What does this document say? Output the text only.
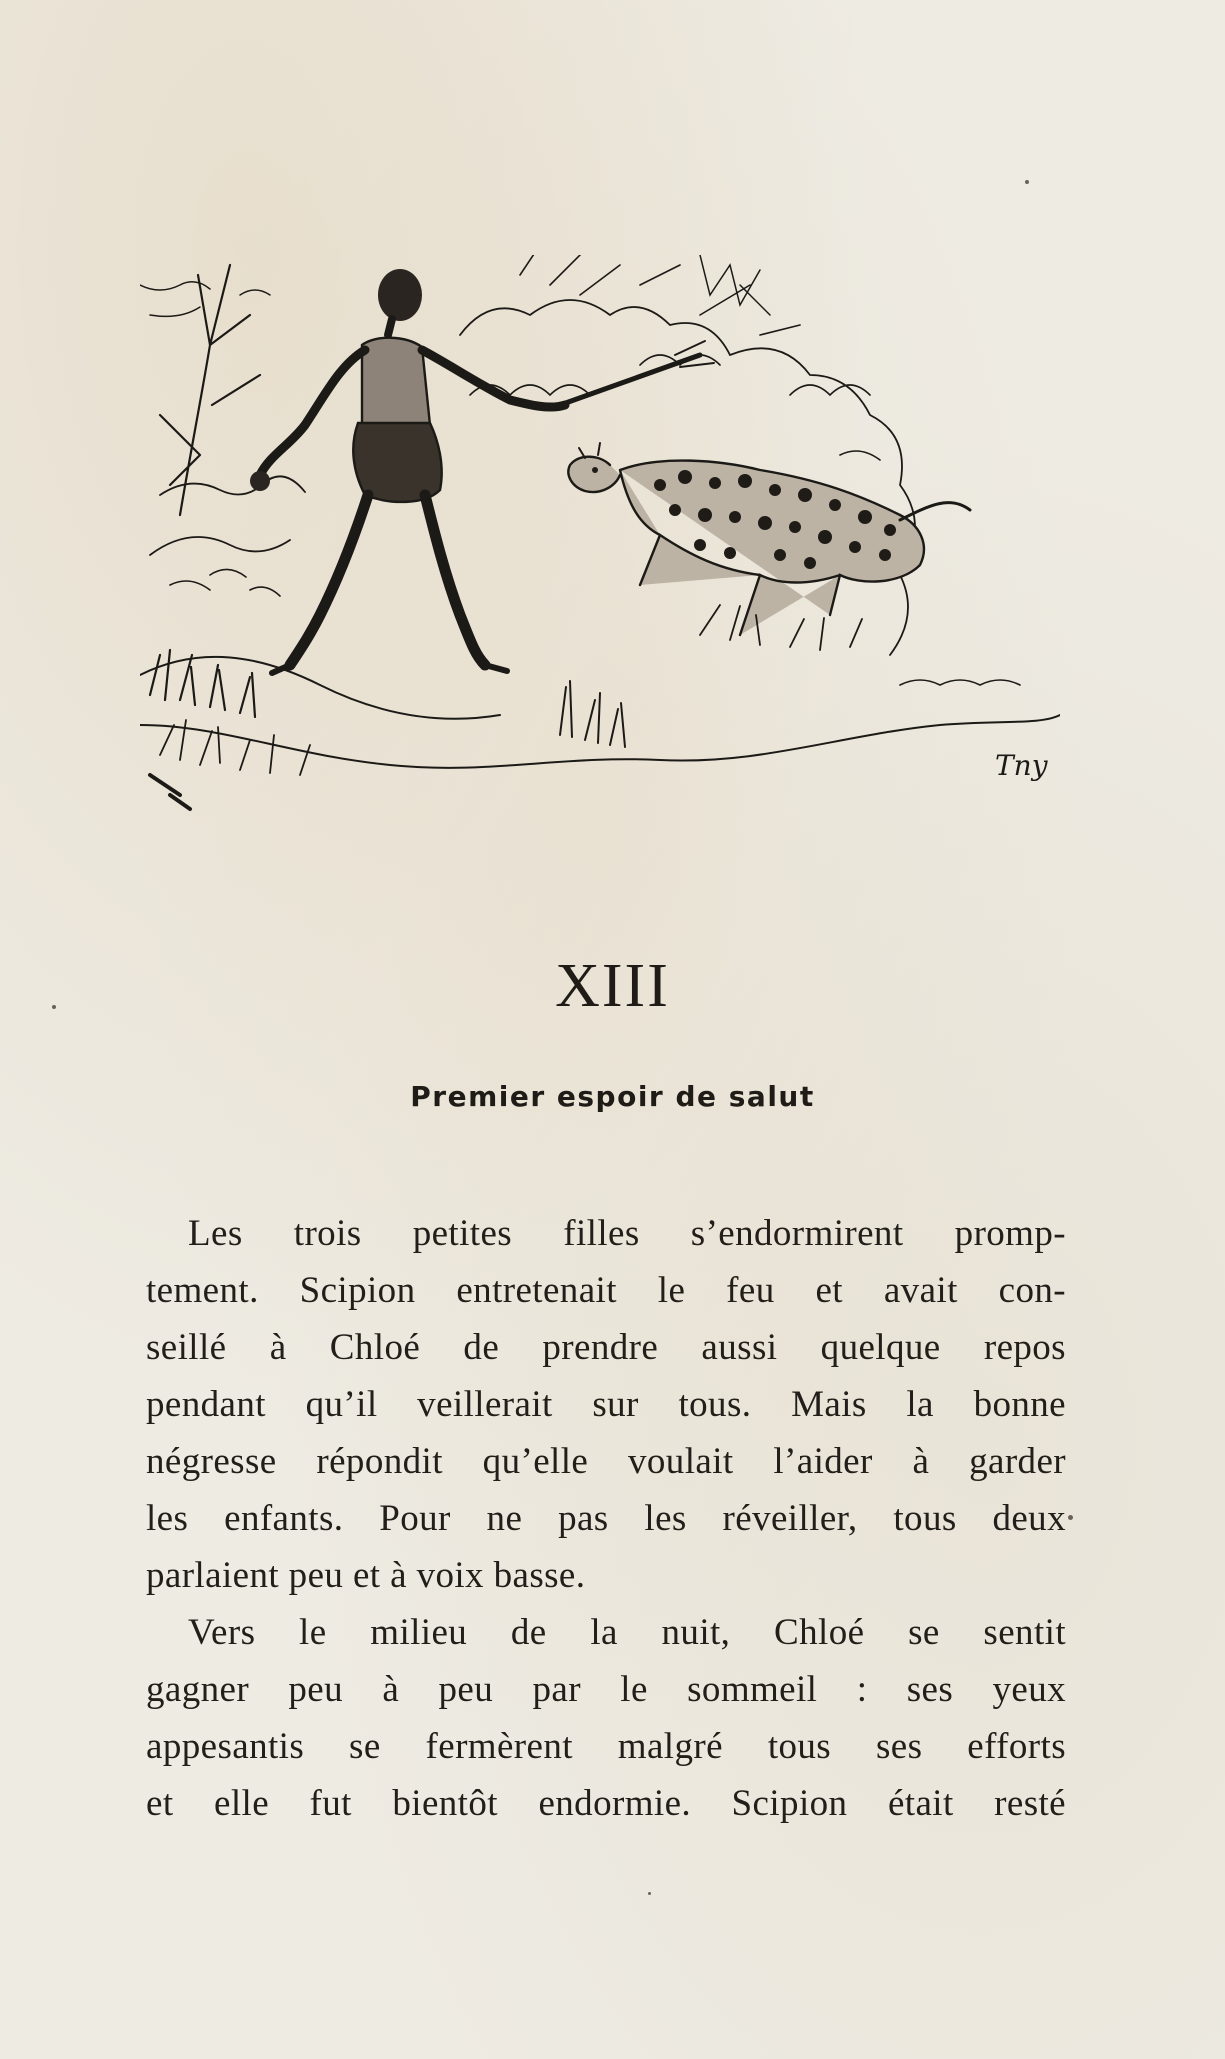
Tny
XIII
Premier espoir de salut
Les trois petites filles s’endormirent promp-
tement. Scipion entretenait le feu et avait con-
seillé à Chloé de prendre aussi quelque repos
pendant qu’il veillerait sur tous. Mais la bonne
négresse répondit qu’elle voulait l’aider à garder
les enfants. Pour ne pas les réveiller, tous deux
parlaient peu et à voix basse.
Vers le milieu de la nuit, Chloé se sentit
gagner peu à peu par le sommeil : ses yeux
appesantis se fermèrent malgré tous ses efforts
et elle fut bientôt endormie. Scipion était resté
